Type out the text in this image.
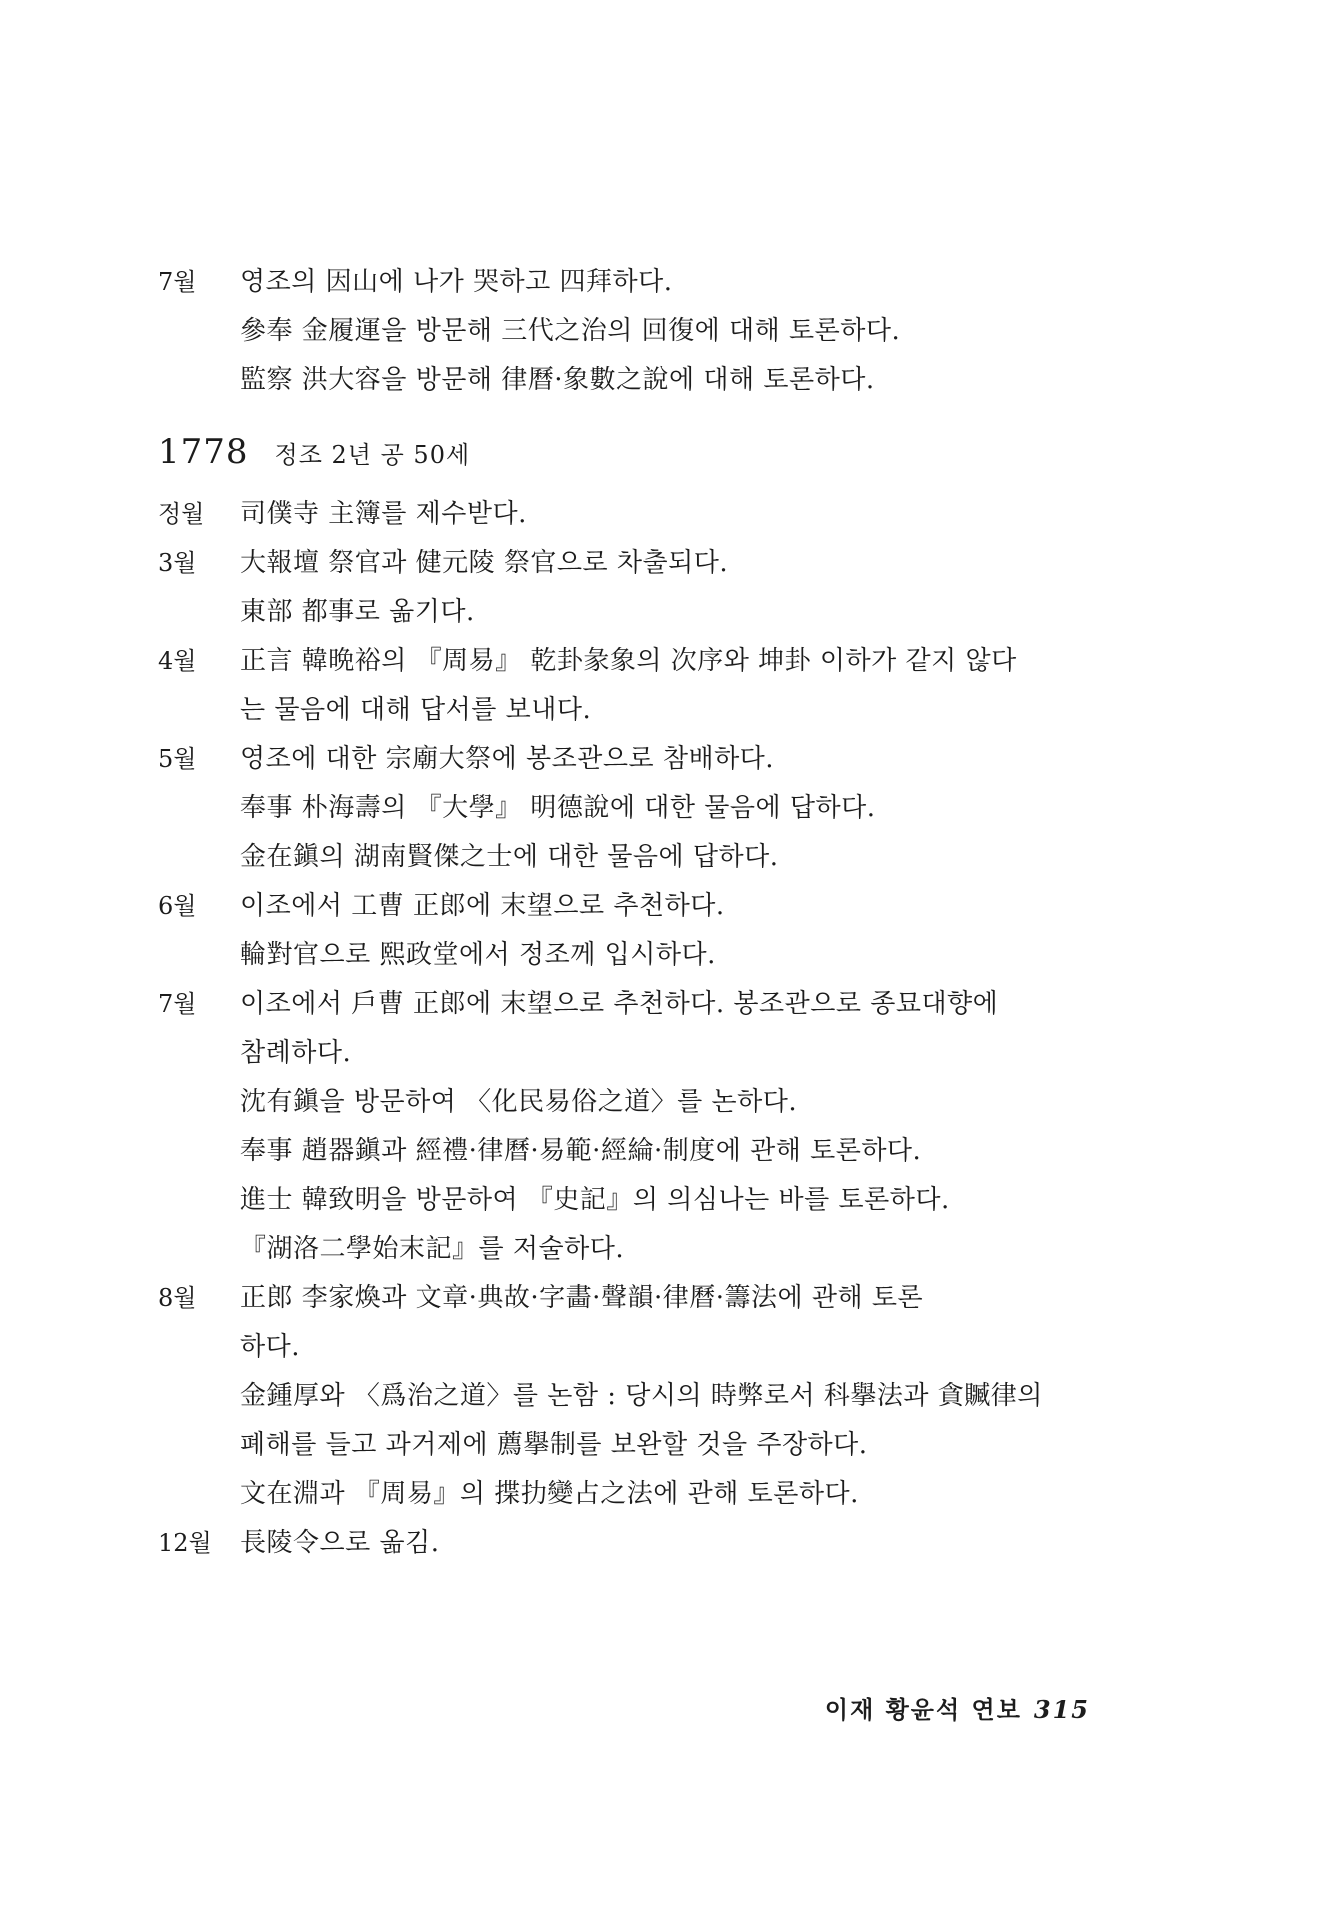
7월	영조의 因山에 나가 哭하고 四拜하다.
參奉 金履運을 방문해 三代之治의 回復에 대해 토론하다.
監察 洪大容을 방문해 律曆·象數之說에 대해 토론하다.
1778 정조 2년 공 50세
정월	司僕寺 主簿를 제수받다.
3월	大報壇 祭官과 健元陵 祭官으로 차출되다.
東部 都事로 옮기다.
4월	正言 韓晩裕의 『周易』 乾卦彖象의 次序와 坤卦 이하가 같지 않다
는 물음에 대해 답서를 보내다.
5월	영조에 대한 宗廟大祭에 봉조관으로 참배하다.
奉事 朴海壽의 『大學』 明德說에 대한 물음에 답하다.
金在鎭의 湖南賢傑之士에 대한 물음에 답하다.
6월	이조에서 工曹 正郎에 末望으로 추천하다.
輪對官으로 熙政堂에서 정조께 입시하다.
7월	이조에서 戶曹 正郎에 末望으로 추천하다. 봉조관으로 종묘대향에
참례하다.
沈有鎭을 방문하여 〈化民易俗之道〉를 논하다.
奉事 趙器鎭과 經禮·律曆·易範·經綸·制度에 관해 토론하다.
進士 韓致明을 방문하여 『史記』의 의심나는 바를 토론하다.
『湖洛二學始末記』를 저술하다.
8월	正郎 李家煥과 文章·典故·字畵·聲韻·律曆·籌法에 관해 토론
하다.
金鍾厚와 〈爲治之道〉를 논함 : 당시의 時弊로서 科擧法과 貪贓律의
폐해를 들고 과거제에 薦擧制를 보완할 것을 주장하다.
文在淵과 『周易』의 揲扐變占之法에 관해 토론하다.
12월	長陵令으로 옮김.
이재 황윤석 연보 315
